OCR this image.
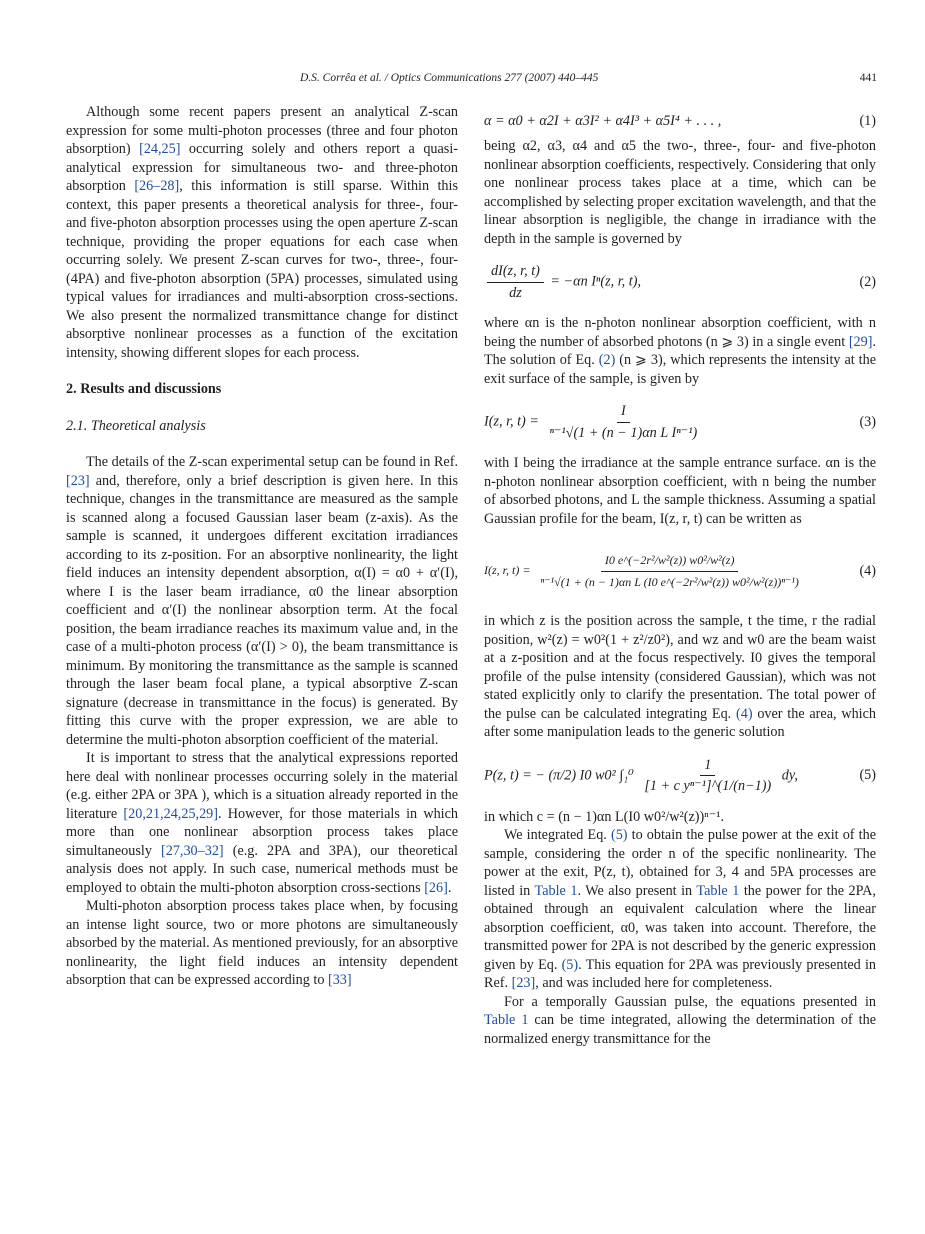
D.S. Corrêa et al. / Optics Communications 277 (2007) 440–445	441

Although some recent papers present an analytical Z-scan expression for some multi-photon processes (three and four photon absorption) [24,25] occurring solely and others report a quasi-analytical expression for simultaneous two- and three-photon absorption [26–28], this information is still sparse. Within this context, this paper presents a theoretical analysis for three-, four- and five-photon absorption processes using the open aperture Z-scan technique, providing the proper equations for each case when occurring solely. We present Z-scan curves for two-, three-, four- (4PA) and five-photon absorption (5PA) processes, simulated using typical values for irradiances and multi-absorption cross-sections. We also present the normalized transmittance change for distinct absorptive nonlinear processes as a function of the excitation intensity, showing different slopes for each process.

2. Results and discussions

2.1. Theoretical analysis

The details of the Z-scan experimental setup can be found in Ref. [23] and, therefore, only a brief description is given here. In this technique, changes in the transmittance are measured as the sample is scanned along a focused Gaussian laser beam (z-axis). As the sample is scanned, it undergoes different excitation irradiances according to its z-position. For an absorptive nonlinearity, the light field induces an intensity dependent absorption, α(I) = α0 + α′(I), where I is the laser beam irradiance, α0 the linear absorption coefficient and α′(I) the nonlinear absorption term. At the focal position, the beam irradiance reaches its maximum value and, in the case of a multi-photon process (α′(I) > 0), the beam transmittance is minimum. By monitoring the transmittance as the sample is scanned through the laser beam focal plane, a typical absorptive Z-scan signature (decrease in transmittance in the focus) is generated. By fitting this curve with the proper expression, we are able to determine the multi-photon absorption coefficient of the material.

It is important to stress that the analytical expressions reported here deal with nonlinear processes occurring solely in the material (e.g. either 2PA or 3PA ), which is a situation already reported in the literature [20,21,24,25,29]. However, for those materials in which more than one nonlinear absorption process takes place simultaneously [27,30–32] (e.g. 2PA and 3PA), our theoretical analysis does not apply. In such case, numerical methods must be employed to obtain the multi-photon absorption cross-sections [26].

Multi-photon absorption process takes place when, by focusing an intense light source, two or more photons are simultaneously absorbed by the material. As mentioned previously, for an absorptive nonlinearity, the light field induces an intensity dependent absorption that can be expressed according to [33]

α = α0 + α2I + α3I² + α4I³ + α5I⁴ + . . . ,	(1)

being α2, α3, α4 and α5 the two-, three-, four- and five-photon nonlinear absorption coefficients, respectively. Considering that only one nonlinear process takes place at a time, which can be accomplished by selecting proper excitation wavelength, and that the linear absorption is negligible, the change in irradiance with the depth in the sample is governed by

$\frac{dI(z, r, t)}{dz} = -\alpha n$ Iⁿ(z, r, t),	(2)

where αn is the n-photon nonlinear absorption coefficient, with n being the number of absorbed photons (n ⩾ 3) in a single event [29]. The solution of Eq. (2) (n ⩾ 3), which represents the intensity at the exit surface of the sample, is given by

I(z, r, $t) = \frac{I}{\text{ⁿ⁻¹√(1 + (n − 1)αn L Iⁿ⁻¹)}}$	(3)

with I being the irradiance at the sample entrance surface. αn is the n-photon nonlinear absorption coefficient, with n being the number of absorbed photons, and L the sample thickness. Assuming a spatial Gaussian profile for the beam, I(z, r, t) can be written as

I(z, r, $t) = \frac{\text{I0 e\textasciicircum{}(−2r²/w²(z)) w0²/w²(z)}}{\text{ⁿ⁻¹√(1 + (n − 1)αn L (I0 e\textasciicircum{}(−2r²/w²(z)) w0²/w²(z))ⁿ⁻¹)}}$	(4)

in which z is the position across the sample, t the time, r the radial position, w²(z) = w0²(1 + z²/z0²), and wz and w0 are the beam waist at a z-position and at the focus respectively. I0 gives the temporal profile of the pulse intensity (considered Gaussian), which was not stated explicitly only to clarify the presentation. The total power of the pulse can be calculated integrating Eq. (4) over the area, which after some manipulation leads to the generic solution

P(z, t) = − (π/2) I0 w0² $\int_1^0 \frac{1}{\text{[1 + c yⁿ⁻¹]\textasciicircum{}(1/(n−1))}}$ dy,	(5)

in which c = (n − 1)αn L(I0 w0²/w²(z))ⁿ⁻¹.

We integrated Eq. (5) to obtain the pulse power at the exit of the sample, considering the order n of the specific nonlinearity. The power at the exit, P(z, t), obtained for 3, 4 and 5PA processes are listed in Table 1. We also present in Table 1 the power for the 2PA, obtained through an equivalent calculation where the linear absorption coefficient, α0, was taken into account. Therefore, the transmitted power for 2PA is not described by the generic expression given by Eq. (5). This equation for 2PA was previously presented in Ref. [23], and was included here for completeness.

For a temporally Gaussian pulse, the equations presented in Table 1 can be time integrated, allowing the determination of the normalized energy transmittance for the
